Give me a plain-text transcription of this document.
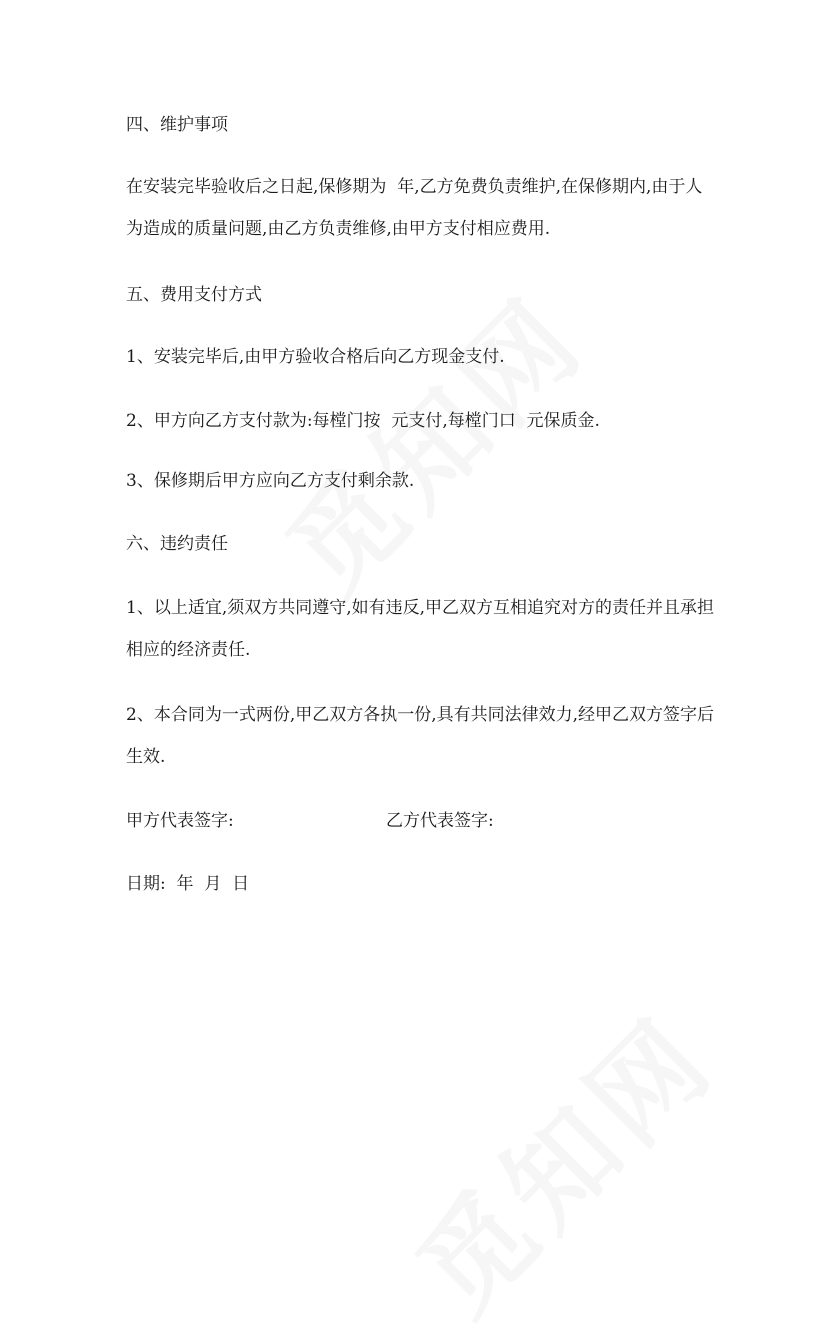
四、维护事项
在安装完毕验收后之日起,保修期为  年,乙方免费负责维护,在保修期内,由于人
为造成的质量问题,由乙方负责维修,由甲方支付相应费用.
五、费用支付方式
1、安装完毕后,由甲方验收合格后向乙方现金支付.
2、甲方向乙方支付款为:每樘门按  元支付,每樘门口  元保质金.
3、保修期后甲方应向乙方支付剩余款.
六、违约责任
1、以上适宜,须双方共同遵守,如有违反,甲乙双方互相追究对方的责任并且承担
相应的经济责任.
2、本合同为一式两份,甲乙双方各执一份,具有共同法律效力,经甲乙双方签字后
生效.
甲方代表签字:	乙方代表签字:
日期:  年  月  日
